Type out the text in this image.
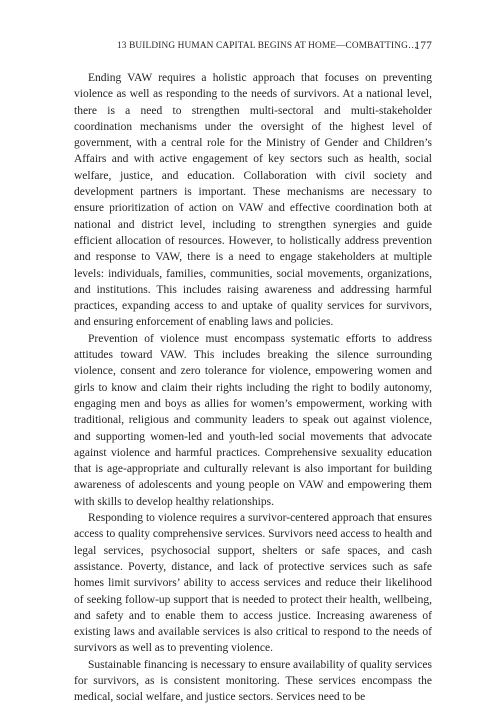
13 BUILDING HUMAN CAPITAL BEGINS AT HOME—COMBATTING…
177

Ending VAW requires a holistic approach that focuses on preventing violence as well as responding to the needs of survivors. At a national level, there is a need to strengthen multi-sectoral and multi-stakeholder coordination mechanisms under the oversight of the highest level of government, with a central role for the Ministry of Gender and Children’s Affairs and with active engagement of key sectors such as health, social welfare, justice, and education. Collaboration with civil society and development partners is important. These mechanisms are necessary to ensure prioritization of action on VAW and effective coordination both at national and district level, including to strengthen synergies and guide efficient allocation of resources. However, to holistically address prevention and response to VAW, there is a need to engage stakeholders at multiple levels: individuals, families, communities, social movements, organizations, and institutions. This includes raising awareness and addressing harmful practices, expanding access to and uptake of quality services for survivors, and ensuring enforcement of enabling laws and policies.

Prevention of violence must encompass systematic efforts to address attitudes toward VAW. This includes breaking the silence surrounding violence, consent and zero tolerance for violence, empowering women and girls to know and claim their rights including the right to bodily autonomy, engaging men and boys as allies for women’s empowerment, working with traditional, religious and community leaders to speak out against violence, and supporting women-led and youth-led social movements that advocate against violence and harmful practices. Comprehensive sexuality education that is age-appropriate and culturally relevant is also important for building awareness of adolescents and young people on VAW and empowering them with skills to develop healthy relationships.

Responding to violence requires a survivor-centered approach that ensures access to quality comprehensive services. Survivors need access to health and legal services, psychosocial support, shelters or safe spaces, and cash assistance. Poverty, distance, and lack of protective services such as safe homes limit survivors’ ability to access services and reduce their likelihood of seeking follow-up support that is needed to protect their health, wellbeing, and safety and to enable them to access justice. Increasing awareness of existing laws and available services is also critical to respond to the needs of survivors as well as to preventing violence.

Sustainable financing is necessary to ensure availability of quality services for survivors, as is consistent monitoring. These services encompass the medical, social welfare, and justice sectors. Services need to be
